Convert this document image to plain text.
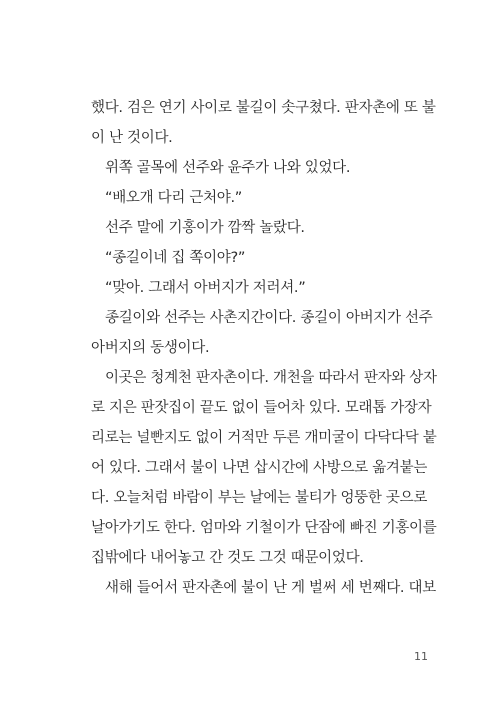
했다. 검은 연기 사이로 불길이 솟구쳤다. 판자촌에 또 불
이 난 것이다.
위쪽 골목에 선주와 윤주가 나와 있었다.
“배오개 다리 근처야.”
선주 말에 기홍이가 깜짝 놀랐다.
“종길이네 집 쪽이야?”
“맞아. 그래서 아버지가 저러셔.”
종길이와 선주는 사촌지간이다. 종길이 아버지가 선주
아버지의 동생이다.
이곳은 청계천 판자촌이다. 개천을 따라서 판자와 상자
로 지은 판잣집이 끝도 없이 들어차 있다. 모래톱 가장자
리로는 널빤지도 없이 거적만 두른 개미굴이 다닥다닥 붙
어 있다. 그래서 불이 나면 삽시간에 사방으로 옮겨붙는
다. 오늘처럼 바람이 부는 날에는 불티가 엉뚱한 곳으로
날아가기도 한다. 엄마와 기철이가 단잠에 빠진 기홍이를
집밖에다 내어놓고 간 것도 그것 때문이었다.
새해 들어서 판자촌에 불이 난 게 벌써 세 번째다. 대보
11
